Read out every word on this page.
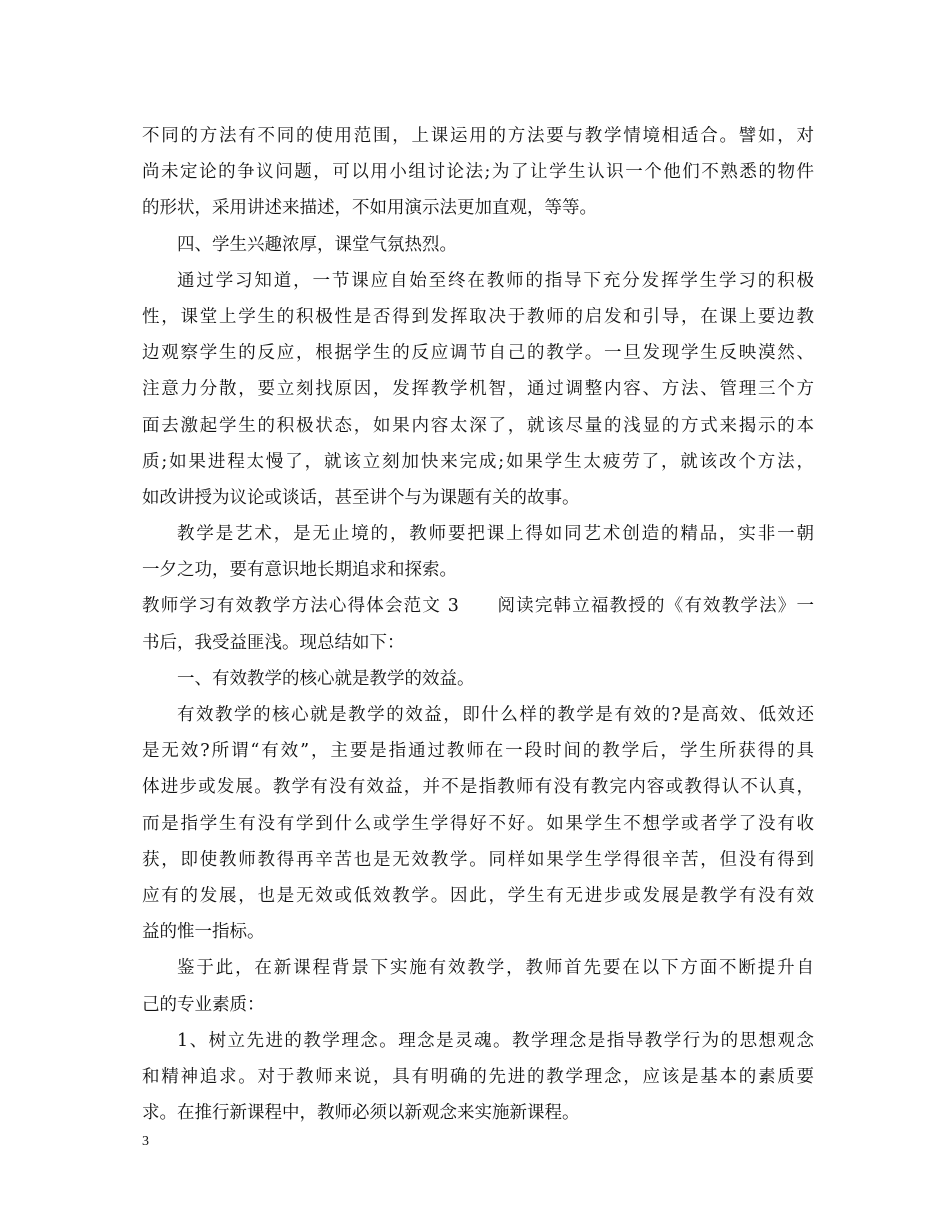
不同的方法有不同的使用范围，上课运用的方法要与教学情境相适合。譬如，对
尚未定论的争议问题，可以用小组讨论法;为了让学生认识一个他们不熟悉的物件
的形状，采用讲述来描述，不如用演示法更加直观，等等。
四、学生兴趣浓厚，课堂气氛热烈。
通过学习知道，一节课应自始至终在教师的指导下充分发挥学生学习的积极
性，课堂上学生的积极性是否得到发挥取决于教师的启发和引导，在课上要边教
边观察学生的反应，根据学生的反应调节自己的教学。一旦发现学生反映漠然、
注意力分散，要立刻找原因，发挥教学机智，通过调整内容、方法、管理三个方
面去激起学生的积极状态，如果内容太深了，就该尽量的浅显的方式来揭示的本
质;如果进程太慢了，就该立刻加快来完成;如果学生太疲劳了，就该改个方法，
如改讲授为议论或谈话，甚至讲个与为课题有关的故事。
教学是艺术，是无止境的，教师要把课上得如同艺术创造的精品，实非一朝
一夕之功，要有意识地长期追求和探索。
教师学习有效教学方法心得体会范文 3　　阅读完韩立福教授的《有效教学法》一
书后，我受益匪浅。现总结如下：
一、有效教学的核心就是教学的效益。
有效教学的核心就是教学的效益，即什么样的教学是有效的?是高效、低效还
是无效?所谓“有效”，主要是指通过教师在一段时间的教学后，学生所获得的具
体进步或发展。教学有没有效益，并不是指教师有没有教完内容或教得认不认真，
而是指学生有没有学到什么或学生学得好不好。如果学生不想学或者学了没有收
获，即使教师教得再辛苦也是无效教学。同样如果学生学得很辛苦，但没有得到
应有的发展，也是无效或低效教学。因此，学生有无进步或发展是教学有没有效
益的惟一指标。
鉴于此，在新课程背景下实施有效教学，教师首先要在以下方面不断提升自
己的专业素质：
1、树立先进的教学理念。理念是灵魂。教学理念是指导教学行为的思想观念
和精神追求。对于教师来说，具有明确的先进的教学理念，应该是基本的素质要
求。在推行新课程中，教师必须以新观念来实施新课程。
3
